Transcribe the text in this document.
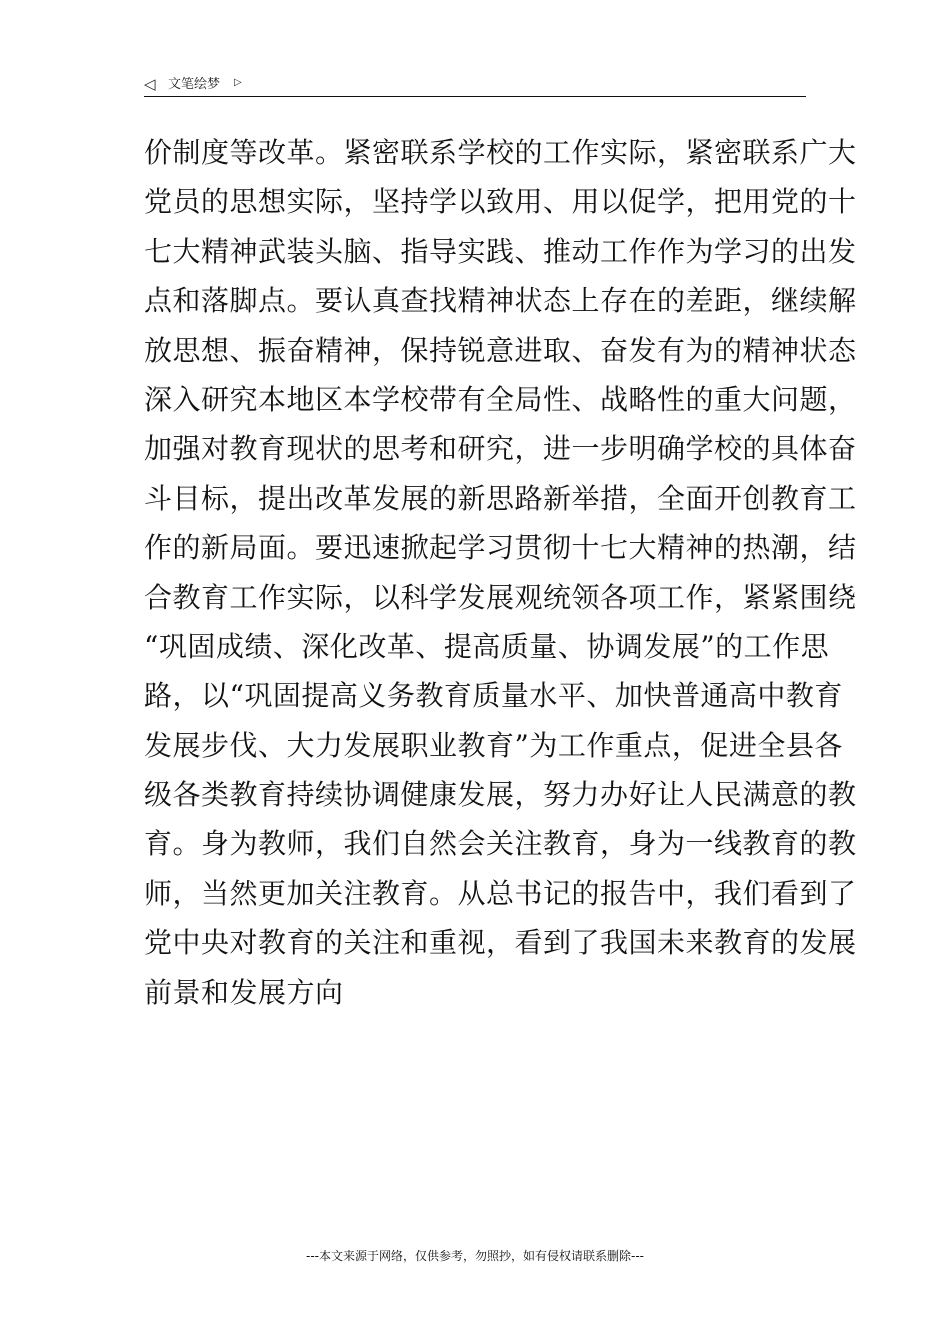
◁ 文笔绘梦 ▷
价制度等改革。紧密联系学校的工作实际，紧密联系广大
党员的思想实际，坚持学以致用、用以促学，把用党的十
七大精神武装头脑、指导实践、推动工作作为学习的出发
点和落脚点。要认真查找精神状态上存在的差距，继续解
放思想、振奋精神，保持锐意进取、奋发有为的精神状态
深入研究本地区本学校带有全局性、战略性的重大问题，
加强对教育现状的思考和研究，进一步明确学校的具体奋
斗目标，提出改革发展的新思路新举措，全面开创教育工
作的新局面。要迅速掀起学习贯彻十七大精神的热潮，结
合教育工作实际，以科学发展观统领各项工作，紧紧围绕
“巩固成绩、深化改革、提高质量、协调发展”的工作思
路，以“巩固提高义务教育质量水平、加快普通高中教育
发展步伐、大力发展职业教育”为工作重点，促进全县各
级各类教育持续协调健康发展，努力办好让人民满意的教
育。身为教师，我们自然会关注教育，身为一线教育的教
师，当然更加关注教育。从总书记的报告中，我们看到了
党中央对教育的关注和重视，看到了我国未来教育的发展
前景和发展方向
---本文来源于网络，仅供参考，勿照抄，如有侵权请联系删除---
